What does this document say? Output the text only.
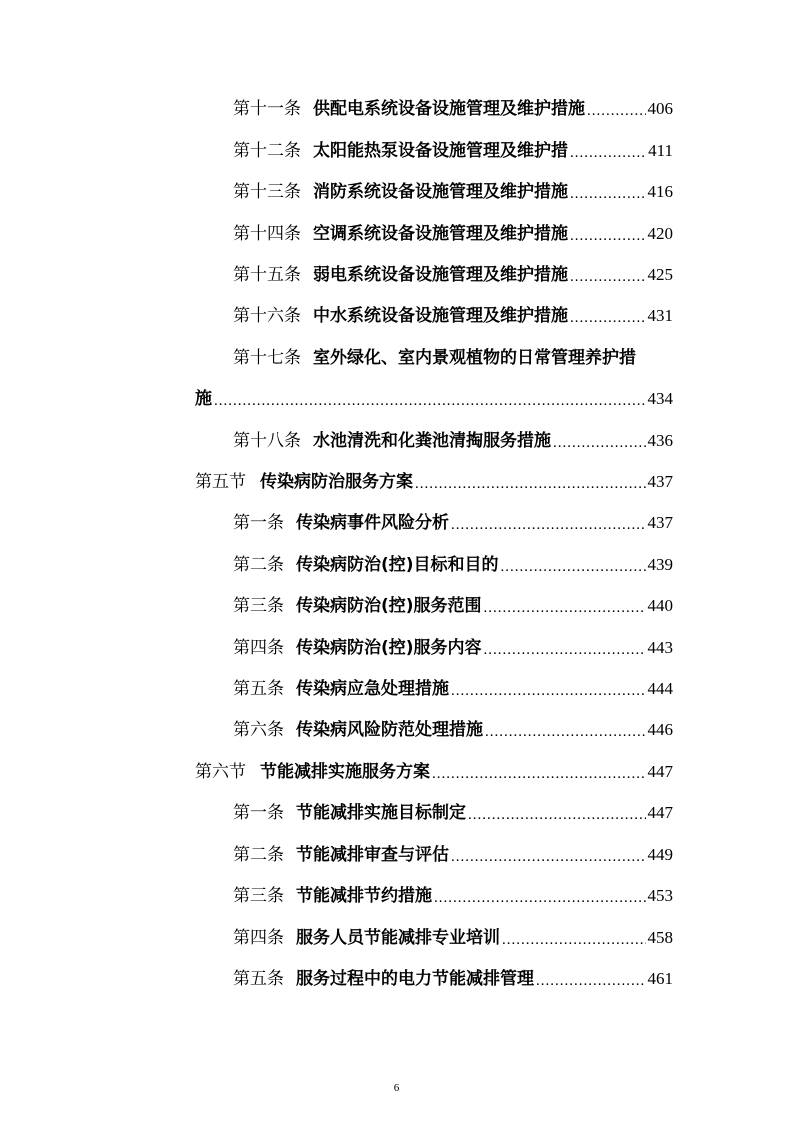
第十一条 供配电系统设备设施管理及维护措施 .....	406
第十二条 太阳能热泵设备设施管理及维护措 .....	411
第十三条 消防系统设备设施管理及维护措施 .....	416
第十四条 空调系统设备设施管理及维护措施 .....	420
第十五条 弱电系统设备设施管理及维护措施 .....	425
第十六条 中水系统设备设施管理及维护措施 .....	431
第十七条 室外绿化、室内景观植物的日常管理养护措
施 .....	434
第十八条 水池清洗和化粪池清掏服务措施 .....	436
第五节 传染病防治服务方案 .....	437
第一条 传染病事件风险分析 .....	437
第二条 传染病防治(控)目标和目的 .....	439
第三条 传染病防治(控)服务范围 .....	440
第四条 传染病防治(控)服务内容 .....	443
第五条 传染病应急处理措施 .....	444
第六条 传染病风险防范处理措施 .....	446
第六节 节能减排实施服务方案 .....	447
第一条 节能减排实施目标制定 .....	447
第二条 节能减排审查与评估 .....	449
第三条 节能减排节约措施 .....	453
第四条 服务人员节能减排专业培训 .....	458
第五条 服务过程中的电力节能减排管理 .....	461
6
